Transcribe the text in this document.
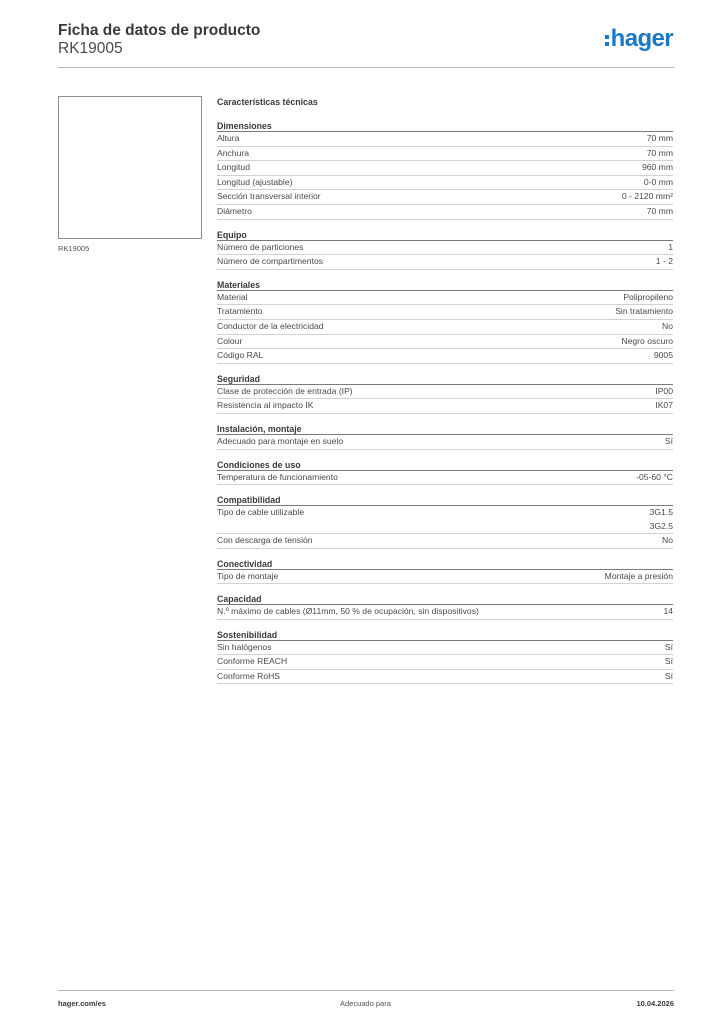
Ficha de datos de producto
RK19005	hager
RK19005
Características técnicas
Dimensiones
Altura	70 mm
Anchura	70 mm
Longitud	960 mm
Longitud (ajustable)	0-0 mm
Sección transversal interior	0 - 2120 mm²
Diámetro	70 mm
Equipo
Número de particiones	1
Número de compartimentos	1 - 2
Materiales
Material	Polipropileno
Tratamiento	Sin tratamiento
Conductor de la electricidad	No
Colour	Negro oscuro
Código RAL	9005
Seguridad
Clase de protección de entrada (IP)	IP00
Resistencia al impacto IK	IK07
Instalación, montaje
Adecuado para montaje en suelo	Sí
Condiciones de uso
Temperatura de funcionamiento	-05-60 °C
Compatibilidad
Tipo de cable utilizable	3G1.5
3G2.5
Con descarga de tensión	No
Conectividad
Tipo de montaje	Montaje a presión
Capacidad
N.º máximo de cables (Ø11mm, 50 % de ocupación, sin dispositivos)	14
Sostenibilidad
Sin halógenos	Sí
Conforme REACH	Sí
Conforme RoHS	Sí
hager.com/es	Adecuado para	10.04.2026
